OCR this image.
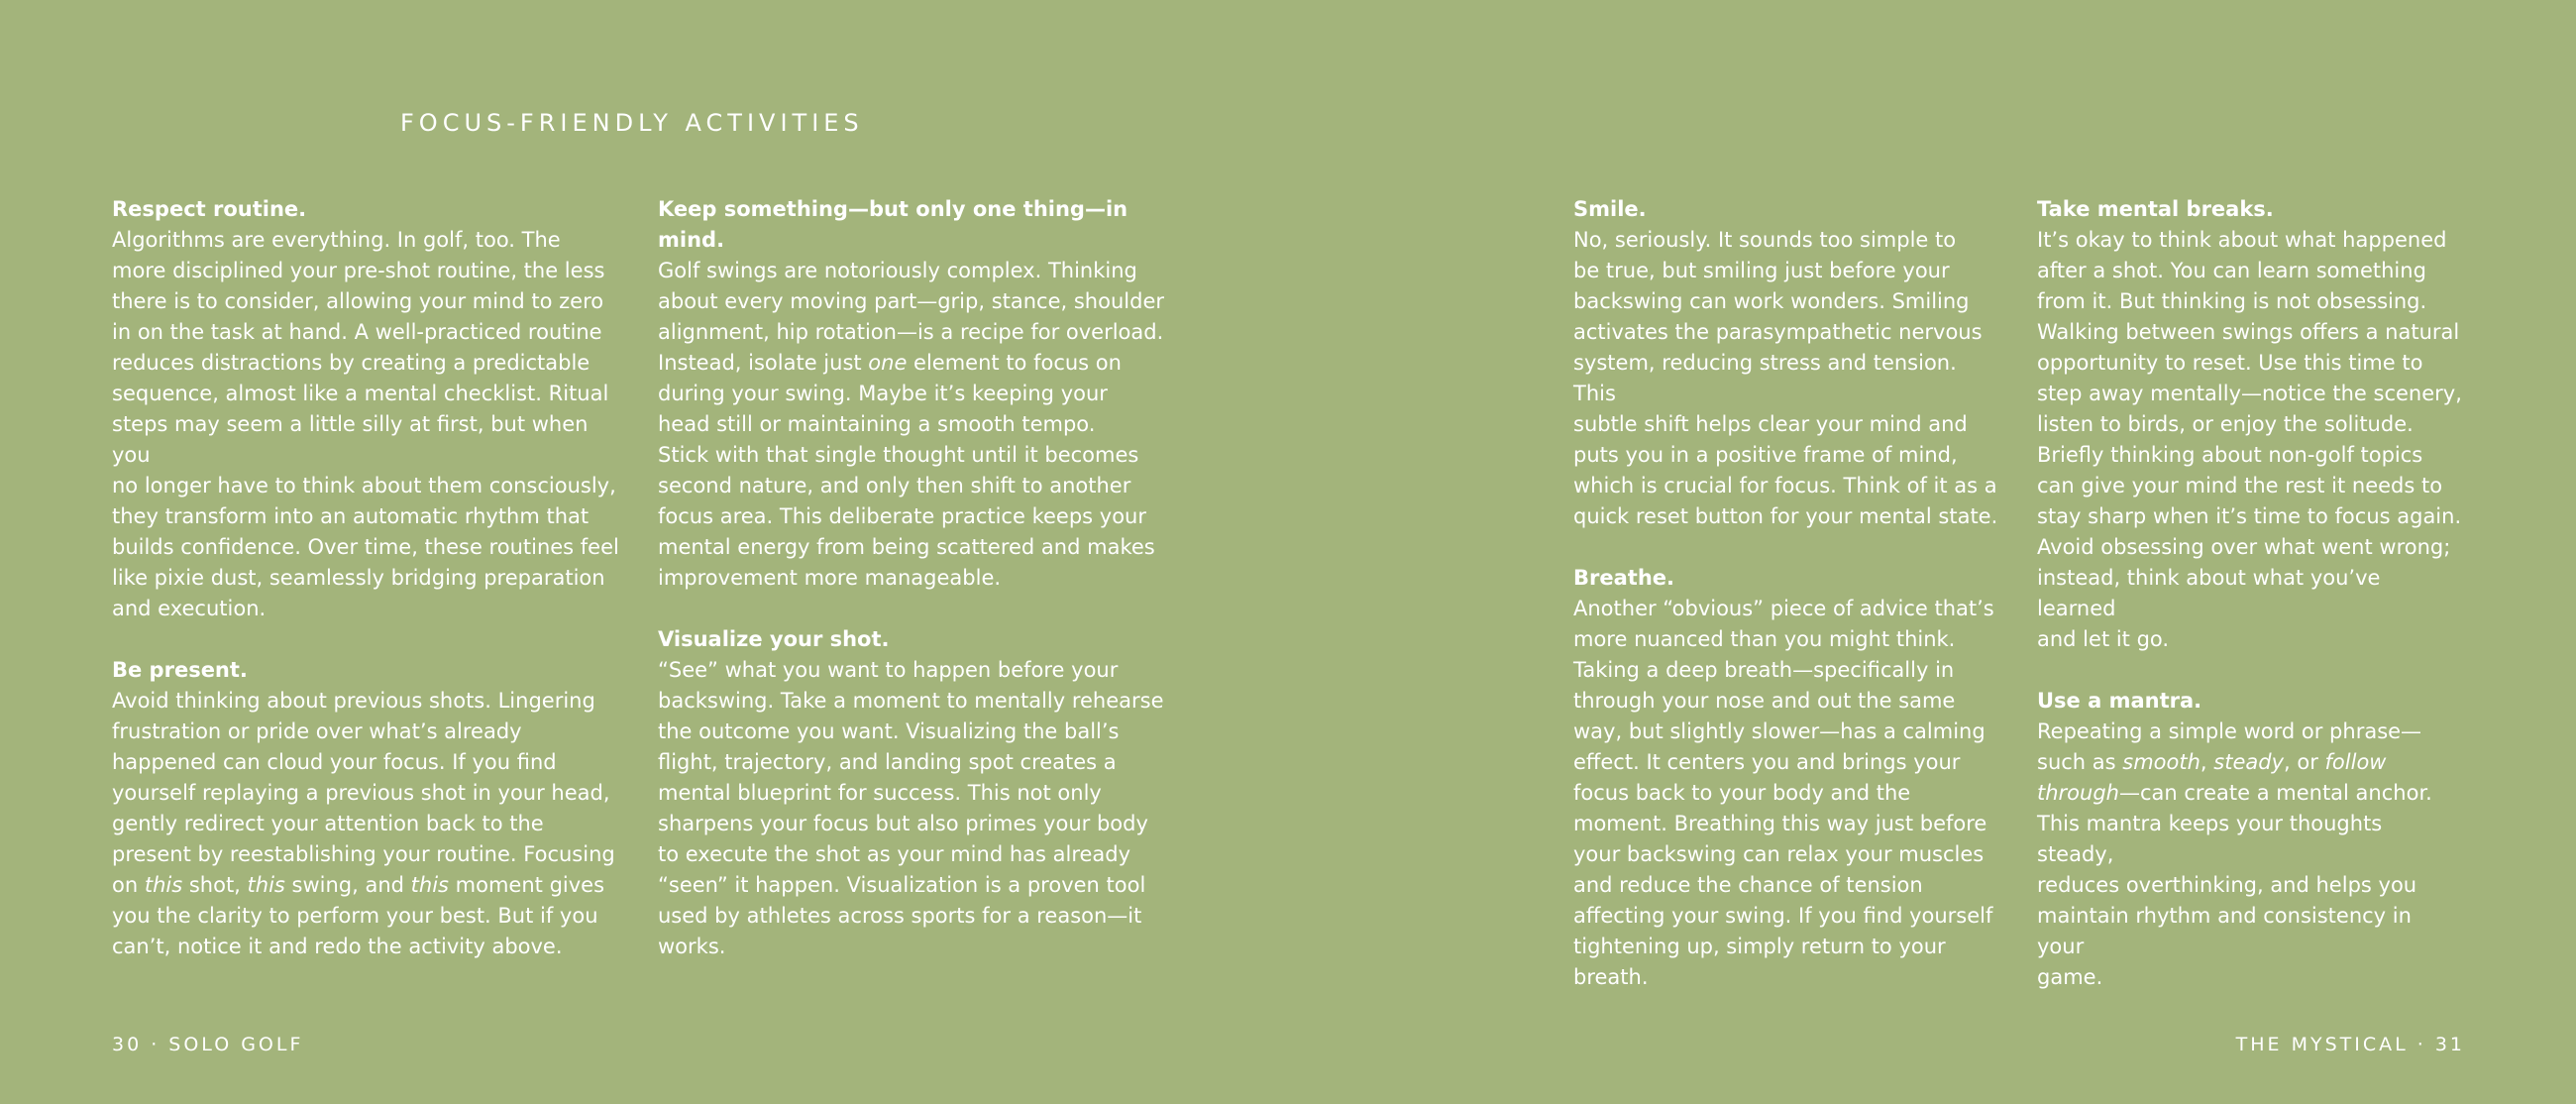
FOCUS-FRIENDLY ACTIVITIES
Respect routine.
Algorithms are everything. In golf, too. The
more disciplined your pre-shot routine, the less
there is to consider, allowing your mind to zero
in on the task at hand. A well-practiced routine
reduces distractions by creating a predictable
sequence, almost like a mental checklist. Ritual
steps may seem a little silly at first, but when you
no longer have to think about them consciously,
they transform into an automatic rhythm that
builds confidence. Over time, these routines feel
like pixie dust, seamlessly bridging preparation
and execution.
Be present.
Avoid thinking about previous shots. Lingering
frustration or pride over what’s already
happened can cloud your focus. If you find
yourself replaying a previous shot in your head,
gently redirect your attention back to the
present by reestablishing your routine. Focusing
on this shot, this swing, and this moment gives
you the clarity to perform your best. But if you
can’t, notice it and redo the activity above.
Keep something—but only one thing—in mind.
Golf swings are notoriously complex. Thinking
about every moving part—grip, stance, shoulder
alignment, hip rotation—is a recipe for overload.
Instead, isolate just one element to focus on
during your swing. Maybe it’s keeping your
head still or maintaining a smooth tempo.
Stick with that single thought until it becomes
second nature, and only then shift to another
focus area. This deliberate practice keeps your
mental energy from being scattered and makes
improvement more manageable.
Visualize your shot.
“See” what you want to happen before your
backswing. Take a moment to mentally rehearse
the outcome you want. Visualizing the ball’s
flight, trajectory, and landing spot creates a
mental blueprint for success. This not only
sharpens your focus but also primes your body
to execute the shot as your mind has already
“seen” it happen. Visualization is a proven tool
used by athletes across sports for a reason—it
works.
Smile.
No, seriously. It sounds too simple to
be true, but smiling just before your
backswing can work wonders. Smiling
activates the parasympathetic nervous
system, reducing stress and tension. This
subtle shift helps clear your mind and
puts you in a positive frame of mind,
which is crucial for focus. Think of it as a
quick reset button for your mental state.
Breathe.
Another “obvious” piece of advice that’s
more nuanced than you might think.
Taking a deep breath—specifically in
through your nose and out the same
way, but slightly slower—has a calming
effect. It centers you and brings your
focus back to your body and the
moment. Breathing this way just before
your backswing can relax your muscles
and reduce the chance of tension
affecting your swing. If you find yourself
tightening up, simply return to your
breath.
Take mental breaks.
It’s okay to think about what happened
after a shot. You can learn something
from it. But thinking is not obsessing.
Walking between swings offers a natural
opportunity to reset. Use this time to
step away mentally—notice the scenery,
listen to birds, or enjoy the solitude.
Briefly thinking about non-golf topics
can give your mind the rest it needs to
stay sharp when it’s time to focus again.
Avoid obsessing over what went wrong;
instead, think about what you’ve learned
and let it go.
Use a mantra.
Repeating a simple word or phrase—
such as smooth, steady, or follow
through—can create a mental anchor.
This mantra keeps your thoughts steady,
reduces overthinking, and helps you
maintain rhythm and consistency in your
game.
30 · SOLO GOLF	THE MYSTICAL · 31
